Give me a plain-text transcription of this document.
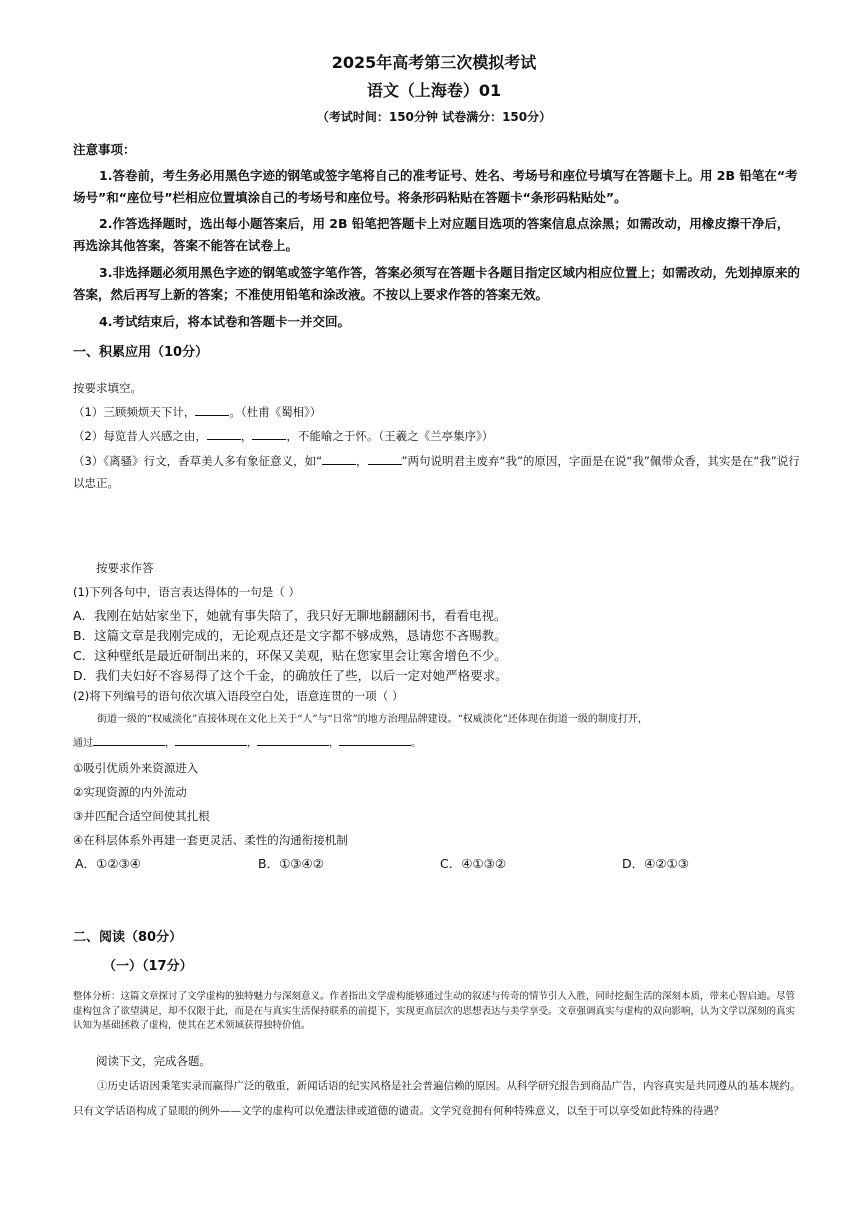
2025年高考第三次模拟考试
语文（上海卷）01
（考试时间：150分钟 试卷满分：150分）
注意事项：
1.答卷前，考生务必用黑色字迹的钢笔或签字笔将自己的准考证号、姓名、考场号和座位号填写在答题卡上。用 2B 铅笔在“考场号”和“座位号”栏相应位置填涂自己的考场号和座位号。将条形码粘贴在答题卡“条形码粘贴处”。
2.作答选择题时，选出每小题答案后，用 2B 铅笔把答题卡上对应题目选项的答案信息点涂黑；如需改动，用橡皮擦干净后，再选涂其他答案，答案不能答在试卷上。
3.非选择题必须用黑色字迹的钢笔或签字笔作答，答案必须写在答题卡各题目指定区域内相应位置上；如需改动，先划掉原来的答案，然后再写上新的答案；不准使用铅笔和涂改液。不按以上要求作答的答案无效。
4.考试结束后，将本试卷和答题卡一并交回。
一、积累应用（10分）
按要求填空。
（1）三顾频烦天下计，	。（杜甫《蜀相》）
（2）每览昔人兴感之由，	，	，不能喻之于怀。（王羲之《兰亭集序》）
（3）《离骚》行文，香草美人多有象征意义，如“	，	”两句说明君主废弃“我”的原因，字面是在说“我”佩带众香，其实是在“我”说行以忠正。
按要求作答
(1)下列各句中，语言表达得体的一句是（ ）
A．我刚在姑姑家坐下，她就有事失陪了，我只好无聊地翻翻闲书，看看电视。
B．这篇文章是我刚完成的，无论观点还是文字都不够成熟，恳请您不吝赐教。
C．这种壁纸是最近研制出来的，环保又美观，贴在您家里会让寒舍增色不少。
D．我们夫妇好不容易得了这个千金，的确放任了些，以后一定对她严格要求。
(2)将下列编号的语句依次填入语段空白处，语意连贯的一项（ ）
街道一级的“权威淡化”直接体现在文化上关于“人”与“日常”的地方治理品牌建设。“权威淡化”还体现在街道一级的制度打开，
通过	，	，	，	。
①吸引优质外来资源进入
②实现资源的内外流动
③并匹配合适空间使其扎根
④在科层体系外再建一套更灵活、柔性的沟通衔接机制
A．①②③④	B．①③④②	C．④①③②	D．④②①③
二、阅读（80分）
（一）（17分）
整体分析：这篇文章探讨了文学虚构的独特魅力与深刻意义。作者指出文学虚构能够通过生动的叙述与传奇的情节引人入胜，同时挖掘生活的深刻本质，带来心智启迪。尽管虚构包含了欲望满足，却不仅限于此，而是在与真实生活保持联系的前提下，实现更高层次的思想表达与美学享受。文章强调真实与虚构的双向影响，认为文学以深刻的真实认知为基础拯救了虚构，使其在艺术领域获得独特价值。
阅读下文，完成各题。
①历史话语因秉笔实录而赢得广泛的敬重，新闻话语的纪实风格是社会普遍信赖的原因。从科学研究报告到商品广告，内容真实是共同遵从的基本规约。只有文学话语构成了显眼的例外——文学的虚构可以免遭法律或道德的谴责。文学究竟拥有何种特殊意义，以至于可以享受如此特殊的待遇？
